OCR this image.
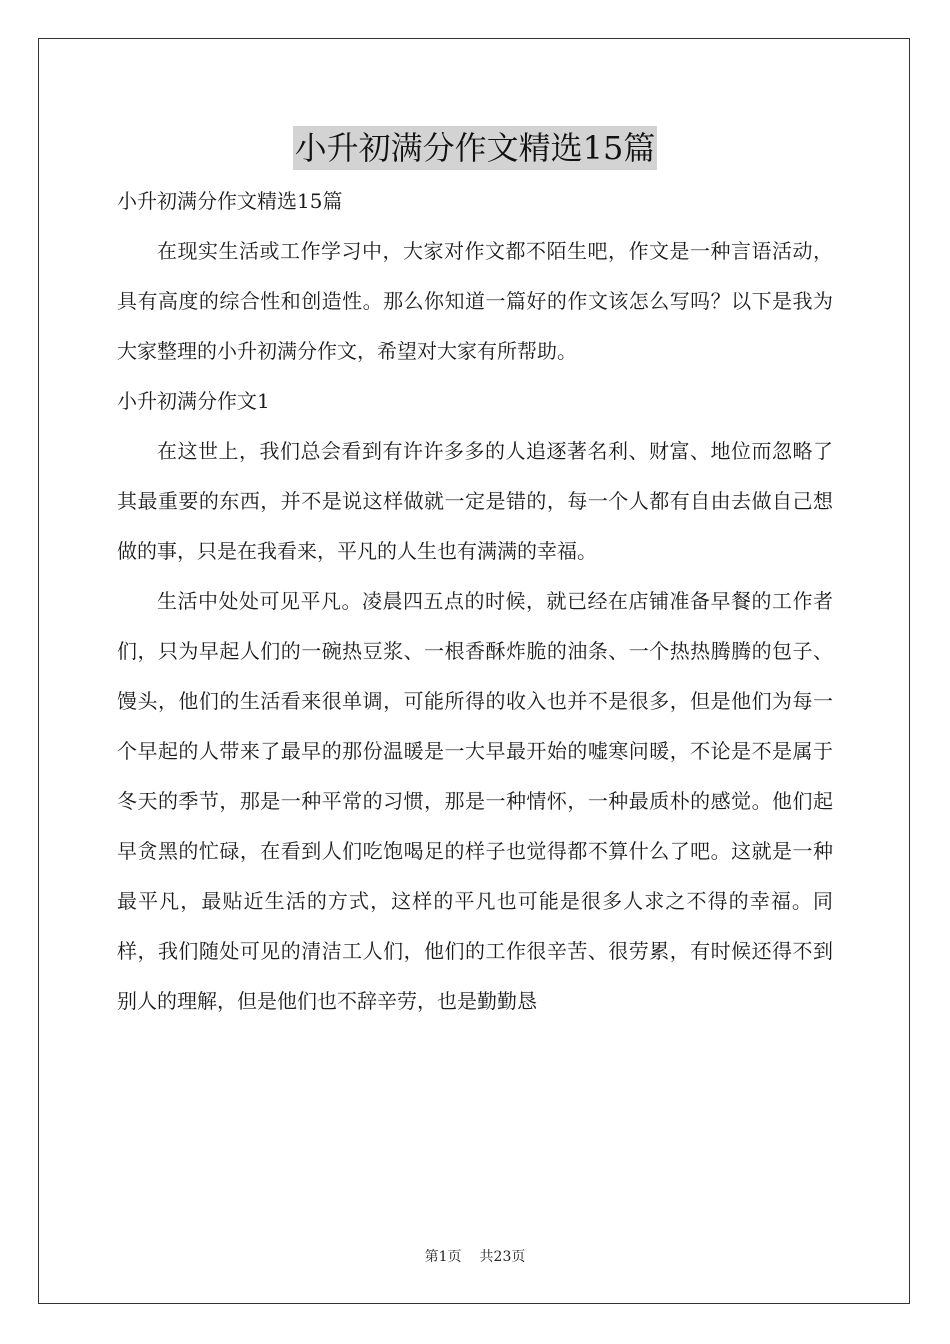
小升初满分作文精选15篇

小升初满分作文精选15篇

在现实生活或工作学习中，大家对作文都不陌生吧，作文是一种言语活动，具有高度的综合性和创造性。那么你知道一篇好的作文该怎么写吗？以下是我为大家整理的小升初满分作文，希望对大家有所帮助。

小升初满分作文1

在这世上，我们总会看到有许许多多的人追逐著名利、财富、地位而忽略了其最重要的东西，并不是说这样做就一定是错的，每一个人都有自由去做自己想做的事，只是在我看来，平凡的人生也有满满的幸福。

生活中处处可见平凡。凌晨四五点的时候，就已经在店铺准备早餐的工作者们，只为早起人们的一碗热豆浆、一根香酥炸脆的油条、一个热热腾腾的包子、馒头，他们的生活看来很单调，可能所得的收入也并不是很多，但是他们为每一个早起的人带来了最早的那份温暖是一大早最开始的嘘寒问暖，不论是不是属于冬天的季节，那是一种平常的习惯，那是一种情怀，一种最质朴的感觉。他们起早贪黑的忙碌，在看到人们吃饱喝足的样子也觉得都不算什么了吧。这就是一种最平凡，最贴近生活的方式，这样的平凡也可能是很多人求之不得的幸福。同样，我们随处可见的清洁工人们，他们的工作很辛苦、很劳累，有时候还得不到别人的理解，但是他们也不辞辛劳，也是勤勤恳

第1页 共23页
